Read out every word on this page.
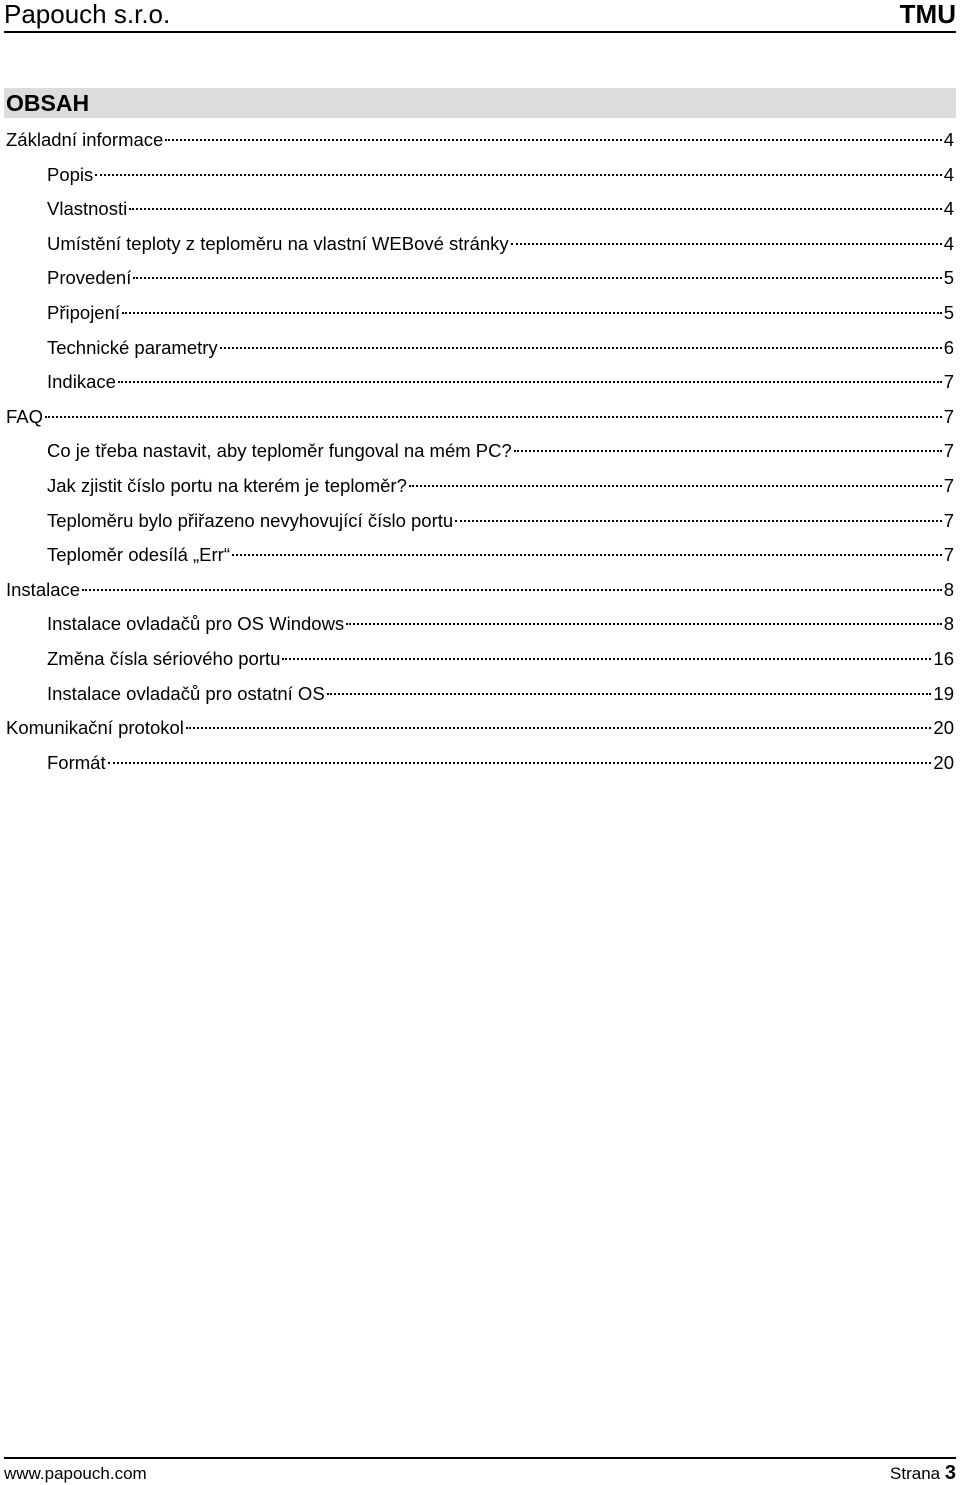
Papouch s.r.o.	TMU
OBSAH
Základní informace	4
Popis	4
Vlastnosti	4
Umístění teploty z teploměru na vlastní WEBové stránky	4
Provedení	5
Připojení	5
Technické parametry	6
Indikace	7
FAQ	7
Co je třeba nastavit, aby teploměr fungoval na mém PC?	7
Jak zjistit číslo portu na kterém je teploměr?	7
Teploměru bylo přiřazeno nevyhovující číslo portu	7
Teploměr odesílá „Err“	7
Instalace	8
Instalace ovladačů pro OS Windows	8
Změna čísla sériového portu	16
Instalace ovladačů pro ostatní OS	19
Komunikační protokol	20
Formát	20
www.papouch.com	Strana 3
